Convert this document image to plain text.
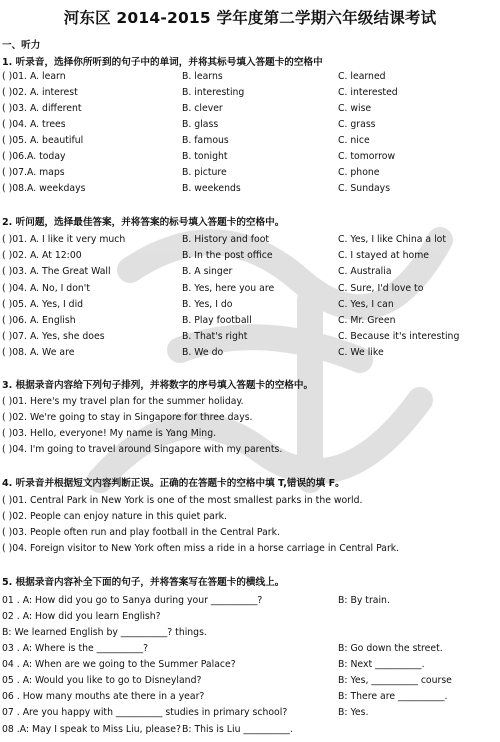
河东区 2014-2015 学年度第二学期六年级结课考试
一、听力
1. 听录音，选择你所听到的句子中的单词，并将其标号填入答题卡的空格中
( )01. A. learn	B. learns	C. learned
( )02. A. interest	B. interesting	C. interested
( )03. A. different	B. clever	C. wise
( )04. A. trees	B. glass	C. grass
( )05. A. beautiful	B. famous	C. nice
( )06.A. today	B. tonight	C. tomorrow
( )07.A. maps	B. picture	C. phone
( )08.A. weekdays	B. weekends	C. Sundays
2. 听问题，选择最佳答案，并将答案的标号填入答题卡的空格中。
( )01. A. I like it very much	B. History and foot	C. Yes, I like China a lot
( )02. A. At 12:00	B. In the post office	C. I stayed at home
( )03. A. The Great Wall	B. A singer	C. Australia
( )04. A. No, I don't	B. Yes, here you are	C. Sure, I'd love to
( )05. A. Yes, I did	B. Yes, I do	C. Yes, I can
( )06. A. English	B. Play football	C. Mr. Green
( )07. A. Yes, she does	B. That's right	C. Because it's interesting
( )08. A. We are	B. We do	C. We like
3. 根据录音内容给下列句子排列，并将数字的序号填入答题卡的空格中。
( )01. Here's my travel plan for the summer holiday.
( )02. We're going to stay in Singapore for three days.
( )03. Hello, everyone! My name is Yang Ming.
( )04. I'm going to travel around Singapore with my parents.
4. 听录音并根据短文内容判断正误。正确的在答题卡的空格中填 T,错误的填 F。
( )01. Central Park in New York is one of the most smallest parks in the world.
( )02. People can enjoy nature in this quiet park.
( )03. People often run and play football in the Central Park.
( )04. Foreign visitor to New York often miss a ride in a horse carriage in Central Park.
5. 根据录音内容补全下面的句子，并将答案写在答题卡的横线上。
01 . A: How did you go to Sanya during your __________?	B: By train.
02 . A: How did you learn English?
B: We learned English by __________? things.
03 . A: Where is the __________?	B: Go down the street.
04 . A: When are we going to the Summer Palace?	B: Next __________.
05 . A: Would you like to go to Disneyland?	B: Yes, __________ course
06 . How many mouths ate there in a year?	B: There are __________.
07 . Are you happy with __________ studies in primary school?	B: Yes.
08 .A: May I speak to Miss Liu, please? B: This is Liu __________.
